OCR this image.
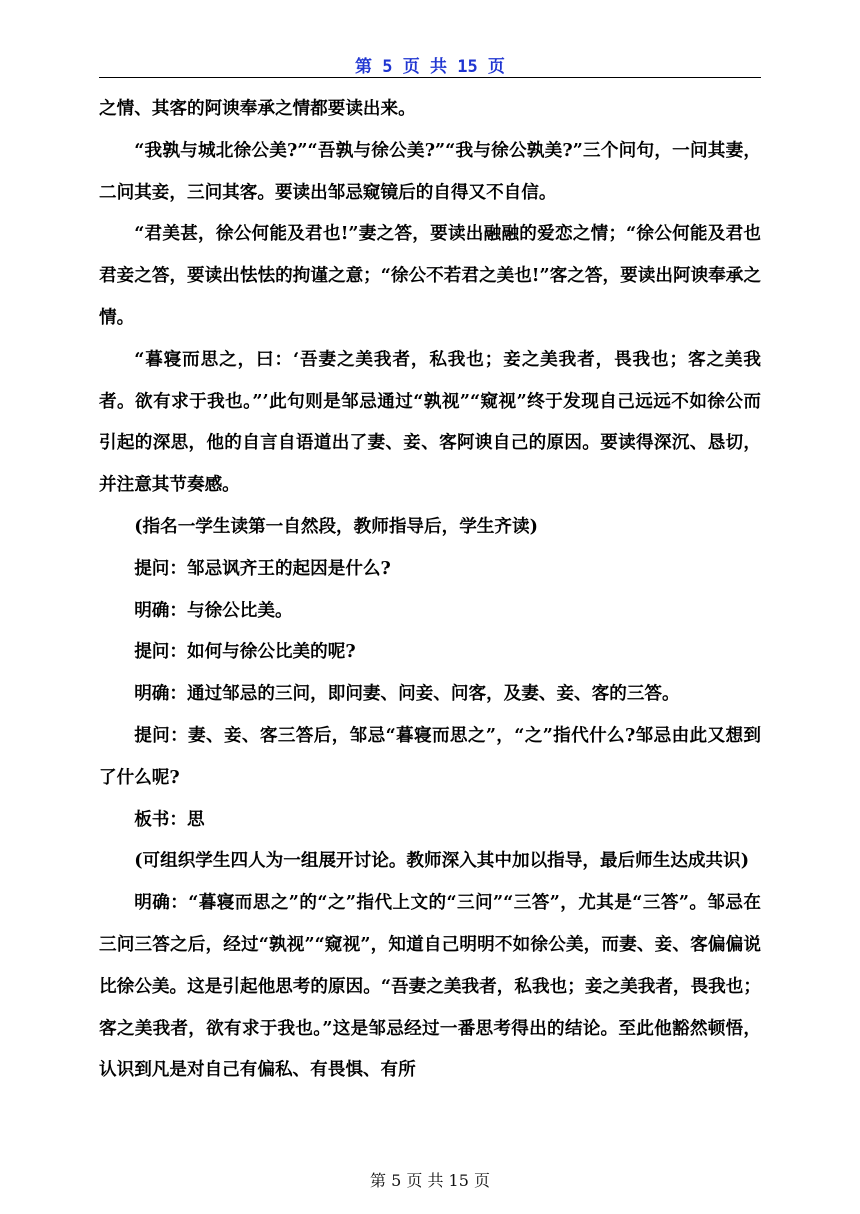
第 5 页 共 15 页

之情、其客的阿谀奉承之情都要读出来。

“我孰与城北徐公美?”“吾孰与徐公美?”“我与徐公孰美?”三个问句，一问其妻，二问其妾，三问其客。要读出邹忌窥镜后的自得又不自信。

“君美甚，徐公何能及君也!”妻之答，要读出融融的爱恋之情；“徐公何能及君也君妾之答，要读出怯怯的拘谨之意；“徐公不若君之美也!”客之答，要读出阿谀奉承之情。

“暮寝而思之，曰：‘吾妻之美我者，私我也；妾之美我者，畏我也；客之美我者。欲有求于我也。”’此句则是邹忌通过“孰视”“窥视”终于发现自己远远不如徐公而引起的深思，他的自言自语道出了妻、妾、客阿谀自己的原因。要读得深沉、恳切，并注意其节奏感。

(指名一学生读第一自然段，教师指导后，学生齐读)

提问：邹忌讽齐王的起因是什么?

明确：与徐公比美。

提问：如何与徐公比美的呢?

明确：通过邹忌的三问，即问妻、问妾、问客，及妻、妾、客的三答。

提问：妻、妾、客三答后，邹忌“暮寝而思之”，“之”指代什么?邹忌由此又想到了什么呢?

板书：思

(可组织学生四人为一组展开讨论。教师深入其中加以指导，最后师生达成共识)

明确：“暮寝而思之”的“之”指代上文的“三问”“三答”，尤其是“三答”。邹忌在三问三答之后，经过“孰视”“窥视”，知道自己明明不如徐公美，而妻、妾、客偏偏说比徐公美。这是引起他思考的原因。“吾妻之美我者，私我也；妾之美我者，畏我也；客之美我者，欲有求于我也。”这是邹忌经过一番思考得出的结论。至此他豁然顿悟，认识到凡是对自己有偏私、有畏惧、有所

第 5 页 共 15 页
